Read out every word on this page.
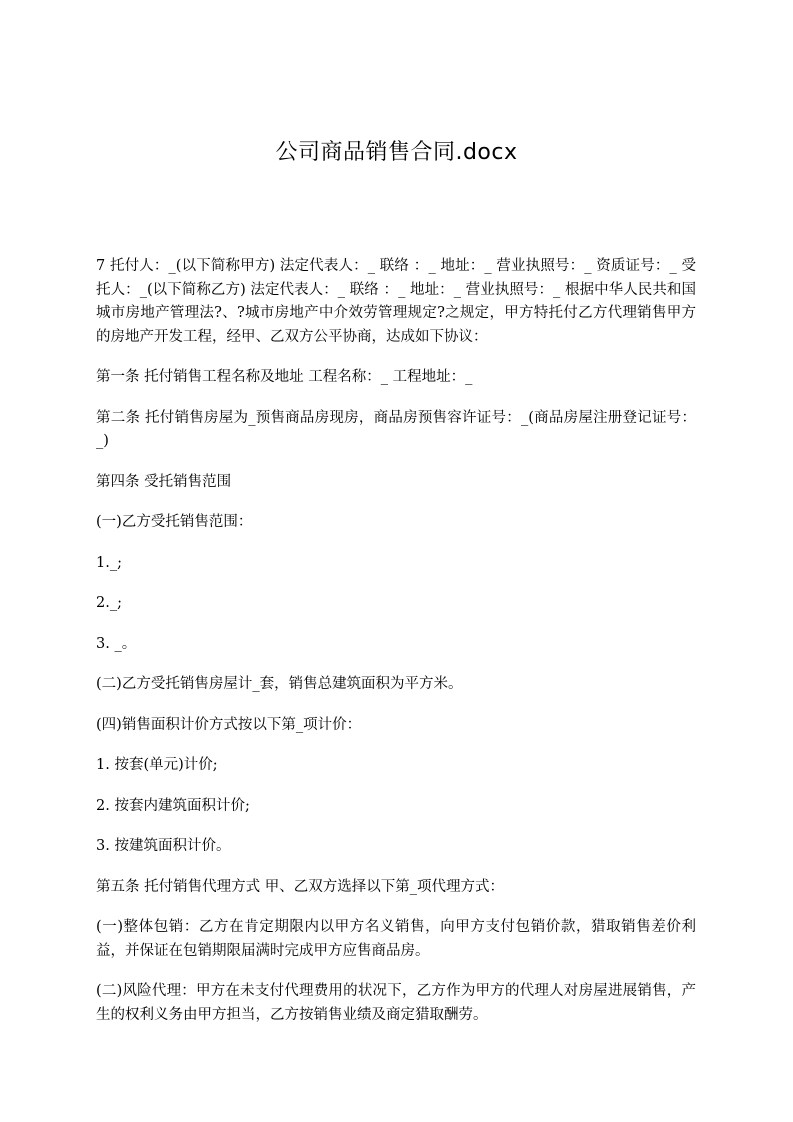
公司商品销售合同.docx

7 托付人：_(以下简称甲方) 法定代表人：_ 联络 ：_ 地址：_ 营业执照号：_ 资质证号：_ 受托人：_(以下简称乙方) 法定代表人：_ 联络 ：_ 地址：_ 营业执照号：_ 根据中华人民共和国城市房地产管理法?、?城市房地产中介效劳管理规定?之规定，甲方特托付乙方代理销售甲方的房地产开发工程，经甲、乙双方公平协商，达成如下协议：

第一条 托付销售工程名称及地址 工程名称：_ 工程地址：_

第二条 托付销售房屋为_预售商品房现房，商品房预售容许证号：_(商品房屋注册登记证号：_)

第四条 受托销售范围

(一)乙方受托销售范围：

1._;

2._;

3. _。

(二)乙方受托销售房屋计_套，销售总建筑面积为平方米。

(四)销售面积计价方式按以下第_项计价：

1. 按套(单元)计价;

2. 按套内建筑面积计价;

3. 按建筑面积计价。

第五条 托付销售代理方式 甲、乙双方选择以下第_项代理方式：

(一)整体包销：乙方在肯定期限内以甲方名义销售，向甲方支付包销价款，猎取销售差价利益，并保证在包销期限届满时完成甲方应售商品房。

(二)风险代理：甲方在未支付代理费用的状况下，乙方作为甲方的代理人对房屋进展销售，产生的权利义务由甲方担当，乙方按销售业绩及商定猎取酬劳。
